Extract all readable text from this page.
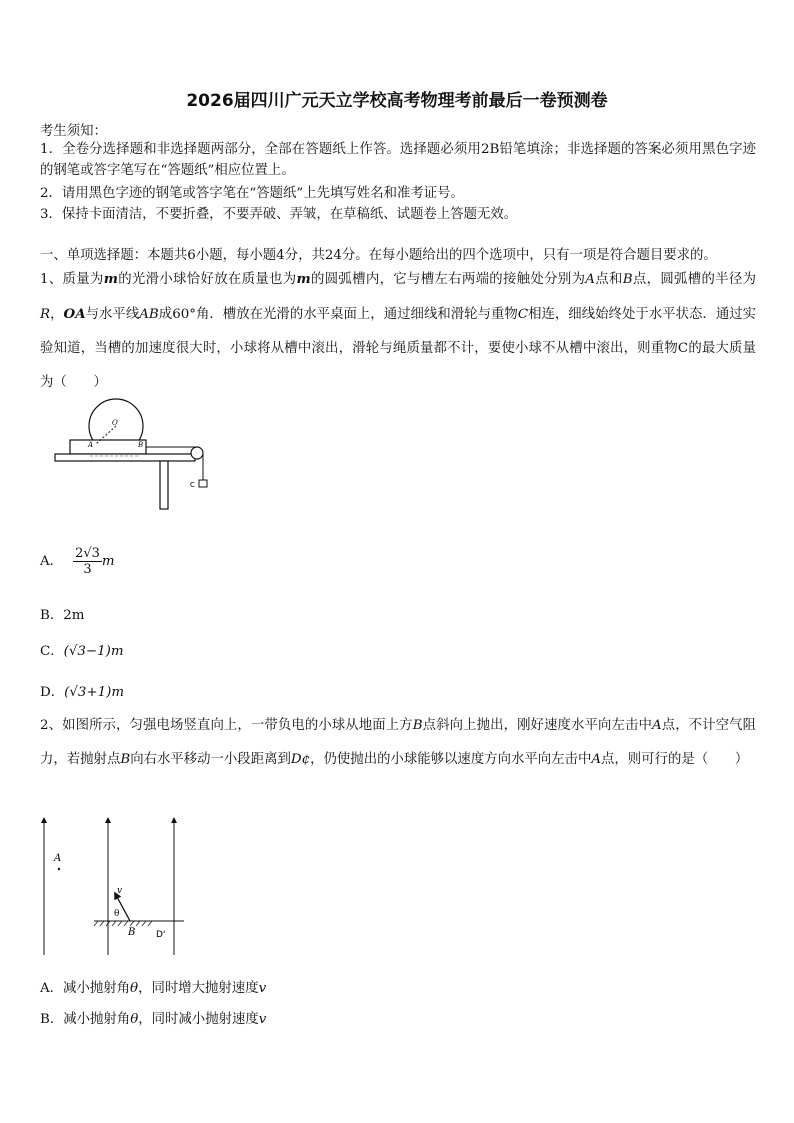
2026届四川广元天立学校高考物理考前最后一卷预测卷
考生须知：
1．全卷分选择题和非选择题两部分，全部在答题纸上作答。选择题必须用2B铅笔填涂；非选择题的答案必须用黑色字迹的钢笔或答字笔写在“答题纸”相应位置上。
2．请用黑色字迹的钢笔或答字笔在“答题纸”上先填写姓名和准考证号。
3．保持卡面清洁，不要折叠，不要弄破、弄皱，在草稿纸、试题卷上答题无效。
一、单项选择题：本题共6小题，每小题4分，共24分。在每小题给出的四个选项中，只有一项是符合题目要求的。
1、质量为m的光滑小球恰好放在质量也为m的圆弧槽内，它与槽左右两端的接触处分别为A点和B点，圆弧槽的半径为R，OA与水平线AB成60°角．槽放在光滑的水平桌面上，通过细线和滑轮与重物C相连，细线始终处于水平状态．通过实验知道，当槽的加速度很大时，小球将从槽中滚出，滑轮与绳质量都不计，要使小球不从槽中滚出，则重物C的最大质量为（　　）
O
A	B
C
A． $\frac{2√3}{3}$ m
B．2m
C．(√3−1)m
D．(√3+1)m
2、如图所示，匀强电场竖直向上，一带负电的小球从地面上方B点斜向上抛出，刚好速度水平向左击中A点，不计空气阻力，若抛射点B向右水平移动一小段距离到D¢，仍使抛出的小球能够以速度方向水平向左击中A点，则可行的是（　　）
A
v
θ
B D'
A．减小抛射角θ，同时增大抛射速度v
B．减小抛射角θ，同时减小抛射速度v
